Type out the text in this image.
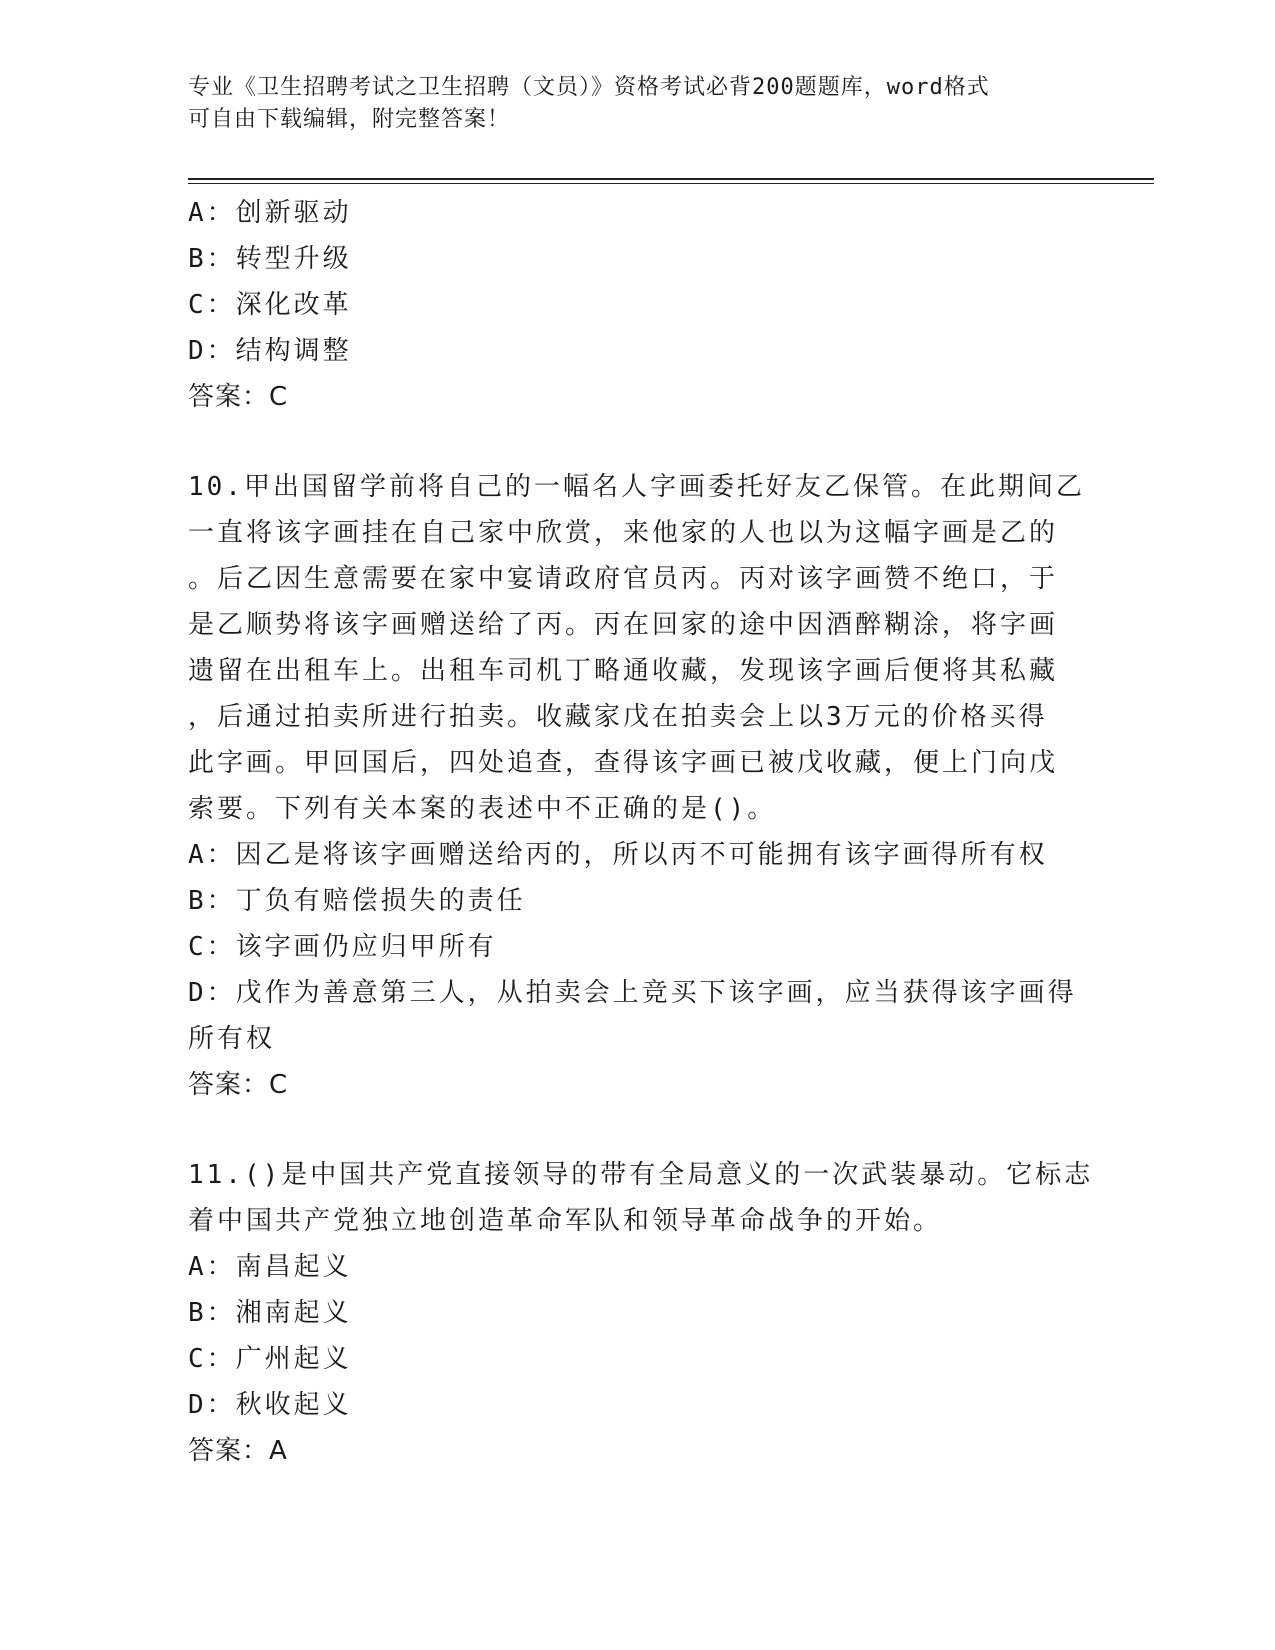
专业《卫生招聘考试之卫生招聘（文员）》资格考试必背200题题库，word格式
可自由下载编辑，附完整答案！
A：创新驱动
B：转型升级
C：深化改革
D：结构调整
答案：C
10.甲出国留学前将自己的一幅名人字画委托好友乙保管。在此期间乙
一直将该字画挂在自己家中欣赏，来他家的人也以为这幅字画是乙的
。后乙因生意需要在家中宴请政府官员丙。丙对该字画赞不绝口，于
是乙顺势将该字画赠送给了丙。丙在回家的途中因酒醉糊涂，将字画
遗留在出租车上。出租车司机丁略通收藏，发现该字画后便将其私藏
，后通过拍卖所进行拍卖。收藏家戊在拍卖会上以3万元的价格买得
此字画。甲回国后，四处追查，查得该字画已被戊收藏，便上门向戊
索要。下列有关本案的表述中不正确的是()。
A：因乙是将该字画赠送给丙的，所以丙不可能拥有该字画得所有权
B：丁负有赔偿损失的责任
C：该字画仍应归甲所有
D：戊作为善意第三人，从拍卖会上竞买下该字画，应当获得该字画得
所有权
答案：C
11.()是中国共产党直接领导的带有全局意义的一次武装暴动。它标志
着中国共产党独立地创造革命军队和领导革命战争的开始。
A：南昌起义
B：湘南起义
C：广州起义
D：秋收起义
答案：A
